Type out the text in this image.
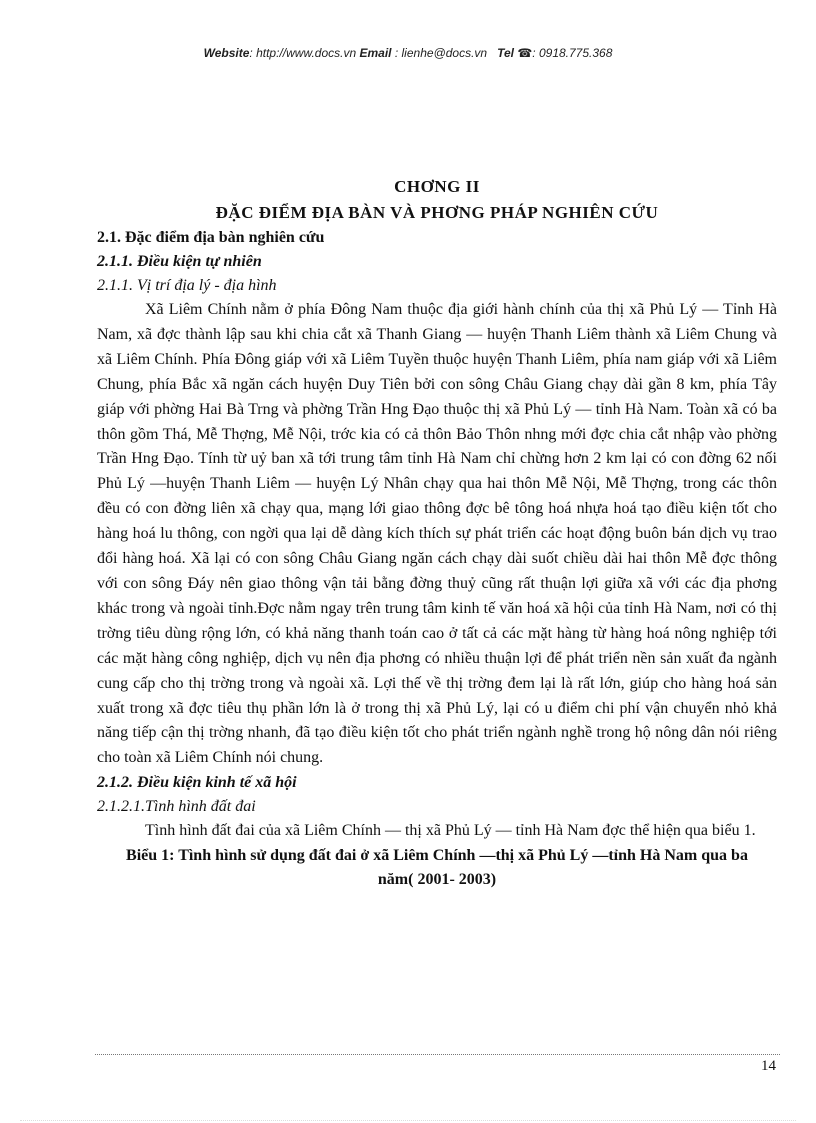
Website: http://www.docs.vn Email : lienhe@docs.vn Tel ☎: 0918.775.368

CHƠNG II

ĐẶC ĐIỂM ĐỊA BÀN VÀ PHƠNG PHÁP NGHIÊN CỨU

2.1. Đặc điểm địa bàn nghiên cứu

2.1.1. Điều kiện tự nhiên

2.1.1. Vị trí địa lý - địa hình

Xã Liêm Chính nằm ở phía Đông Nam thuộc địa giới hành chính của thị xã Phủ Lý — Tỉnh Hà Nam, xã đợc thành lập sau khi chia cắt xã Thanh Giang — huyện Thanh Liêm thành xã Liêm Chung và xã Liêm Chính. Phía Đông giáp với xã Liêm Tuyền thuộc huyện Thanh Liêm, phía nam giáp với xã Liêm Chung, phía Bắc xã ngăn cách huyện Duy Tiên bởi con sông Châu Giang chạy dài gần 8 km, phía Tây giáp với phờng Hai Bà Trng và phờng Trần Hng Đạo thuộc thị xã Phủ Lý — tỉnh Hà Nam. Toàn xã có ba thôn gồm Thá, Mễ Thợng, Mễ Nội, trớc kia có cả thôn Bảo Thôn nhng mới đợc chia cắt nhập vào phờng Trần Hng Đạo. Tính từ uỷ ban xã tới trung tâm tỉnh Hà Nam chỉ chừng hơn 2 km lại có con đờng 62 nối Phủ Lý —huyện Thanh Liêm — huyện Lý Nhân chạy qua hai thôn Mễ Nội, Mễ Thợng, trong các thôn đều có con đờng liên xã chạy qua, mạng lới giao thông đợc bê tông hoá nhựa hoá tạo điều kiện tốt cho hàng hoá lu thông, con ngời qua lại dễ dàng kích thích sự phát triển các hoạt động buôn bán dịch vụ trao đổi hàng hoá. Xã lại có con sông Châu Giang ngăn cách chạy dài suốt chiều dài hai thôn Mễ đợc thông với con sông Đáy nên giao thông vận tải bằng đờng thuỷ cũng rất thuận lợi giữa xã với các địa phơng khác trong và ngoài tỉnh.Đợc nằm ngay trên trung tâm kinh tế văn hoá xã hội của tỉnh Hà Nam, nơi có thị trờng tiêu dùng rộng lớn, có khả năng thanh toán cao ở tất cả các mặt hàng từ hàng hoá nông nghiệp tới các mặt hàng công nghiệp, dịch vụ nên địa phơng có nhiều thuận lợi để phát triển nền sản xuất đa ngành cung cấp cho thị trờng trong và ngoài xã. Lợi thế về thị trờng đem lại là rất lớn, giúp cho hàng hoá sản xuất trong xã đợc tiêu thụ phần lớn là ở trong thị xã Phủ Lý, lại có u điểm chi phí vận chuyển nhỏ khả năng tiếp cận thị trờng nhanh, đã tạo điều kiện tốt cho phát triển ngành nghề trong hộ nông dân nói riêng cho toàn xã Liêm Chính nói chung.

2.1.2. Điều kiện kinh tế xã hội

2.1.2.1.Tình hình đất đai

Tình hình đất đai của xã Liêm Chính — thị xã Phủ Lý — tỉnh Hà Nam đợc thể hiện qua biểu 1.

Biểu 1: Tình hình sử dụng đất đai ở xã Liêm Chính —thị xã Phủ Lý —tỉnh Hà Nam qua ba năm( 2001- 2003)

14
